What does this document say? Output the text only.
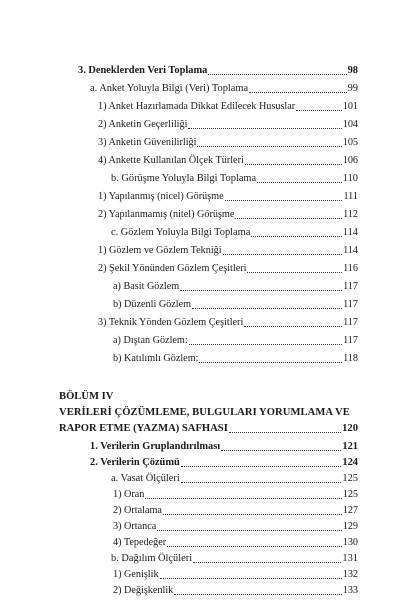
3. Deneklerden Veri Toplama	98
a. Anket Yoluyla Bilgi (Veri) Toplama	99
1) Anket Hazırlamada Dikkat Edilecek Hususlar	101
2) Anketin Geçerliliği	104
3) Anketin Güvenilirliği	105
4) Ankette Kullanılan Ölçek Türleri	106
b. Görüşme Yoluyla Bilgi Toplama	110
1) Yapılanmış (nicel) Görüşme	111
2) Yapılanmamış (nitel) Görüşme	112
c. Gözlem Yoluyla Bilgi Toplama	114
1) Gözlem ve Gözlem Tekniği	114
2) Şekil Yönünden Gözlem Çeşitleri	116
a) Basit Gözlem	117
b) Düzenli Gözlem	117
3) Teknik Yönden Gözlem Çeşitleri	117
a) Dıştan Gözlem:	117
b) Katılımlı Gözlem:	118
BÖLÜM IV
VERİLERİ ÇÖZÜMLEME, BULGULARI YORUMLAMA VE
RAPOR ETME (YAZMA) SAFHASI	120
1. Verilerin Gruplandırılması	121
2. Verilerin Çözümü	124
a. Vasat Ölçüleri	125
1) Oran	125
2) Ortalama	127
3) Ortanca	129
4) Tepedeğer	130
b. Dağılım Ölçüleri	131
1) Genişlik	132
2) Değişkenlik	133
